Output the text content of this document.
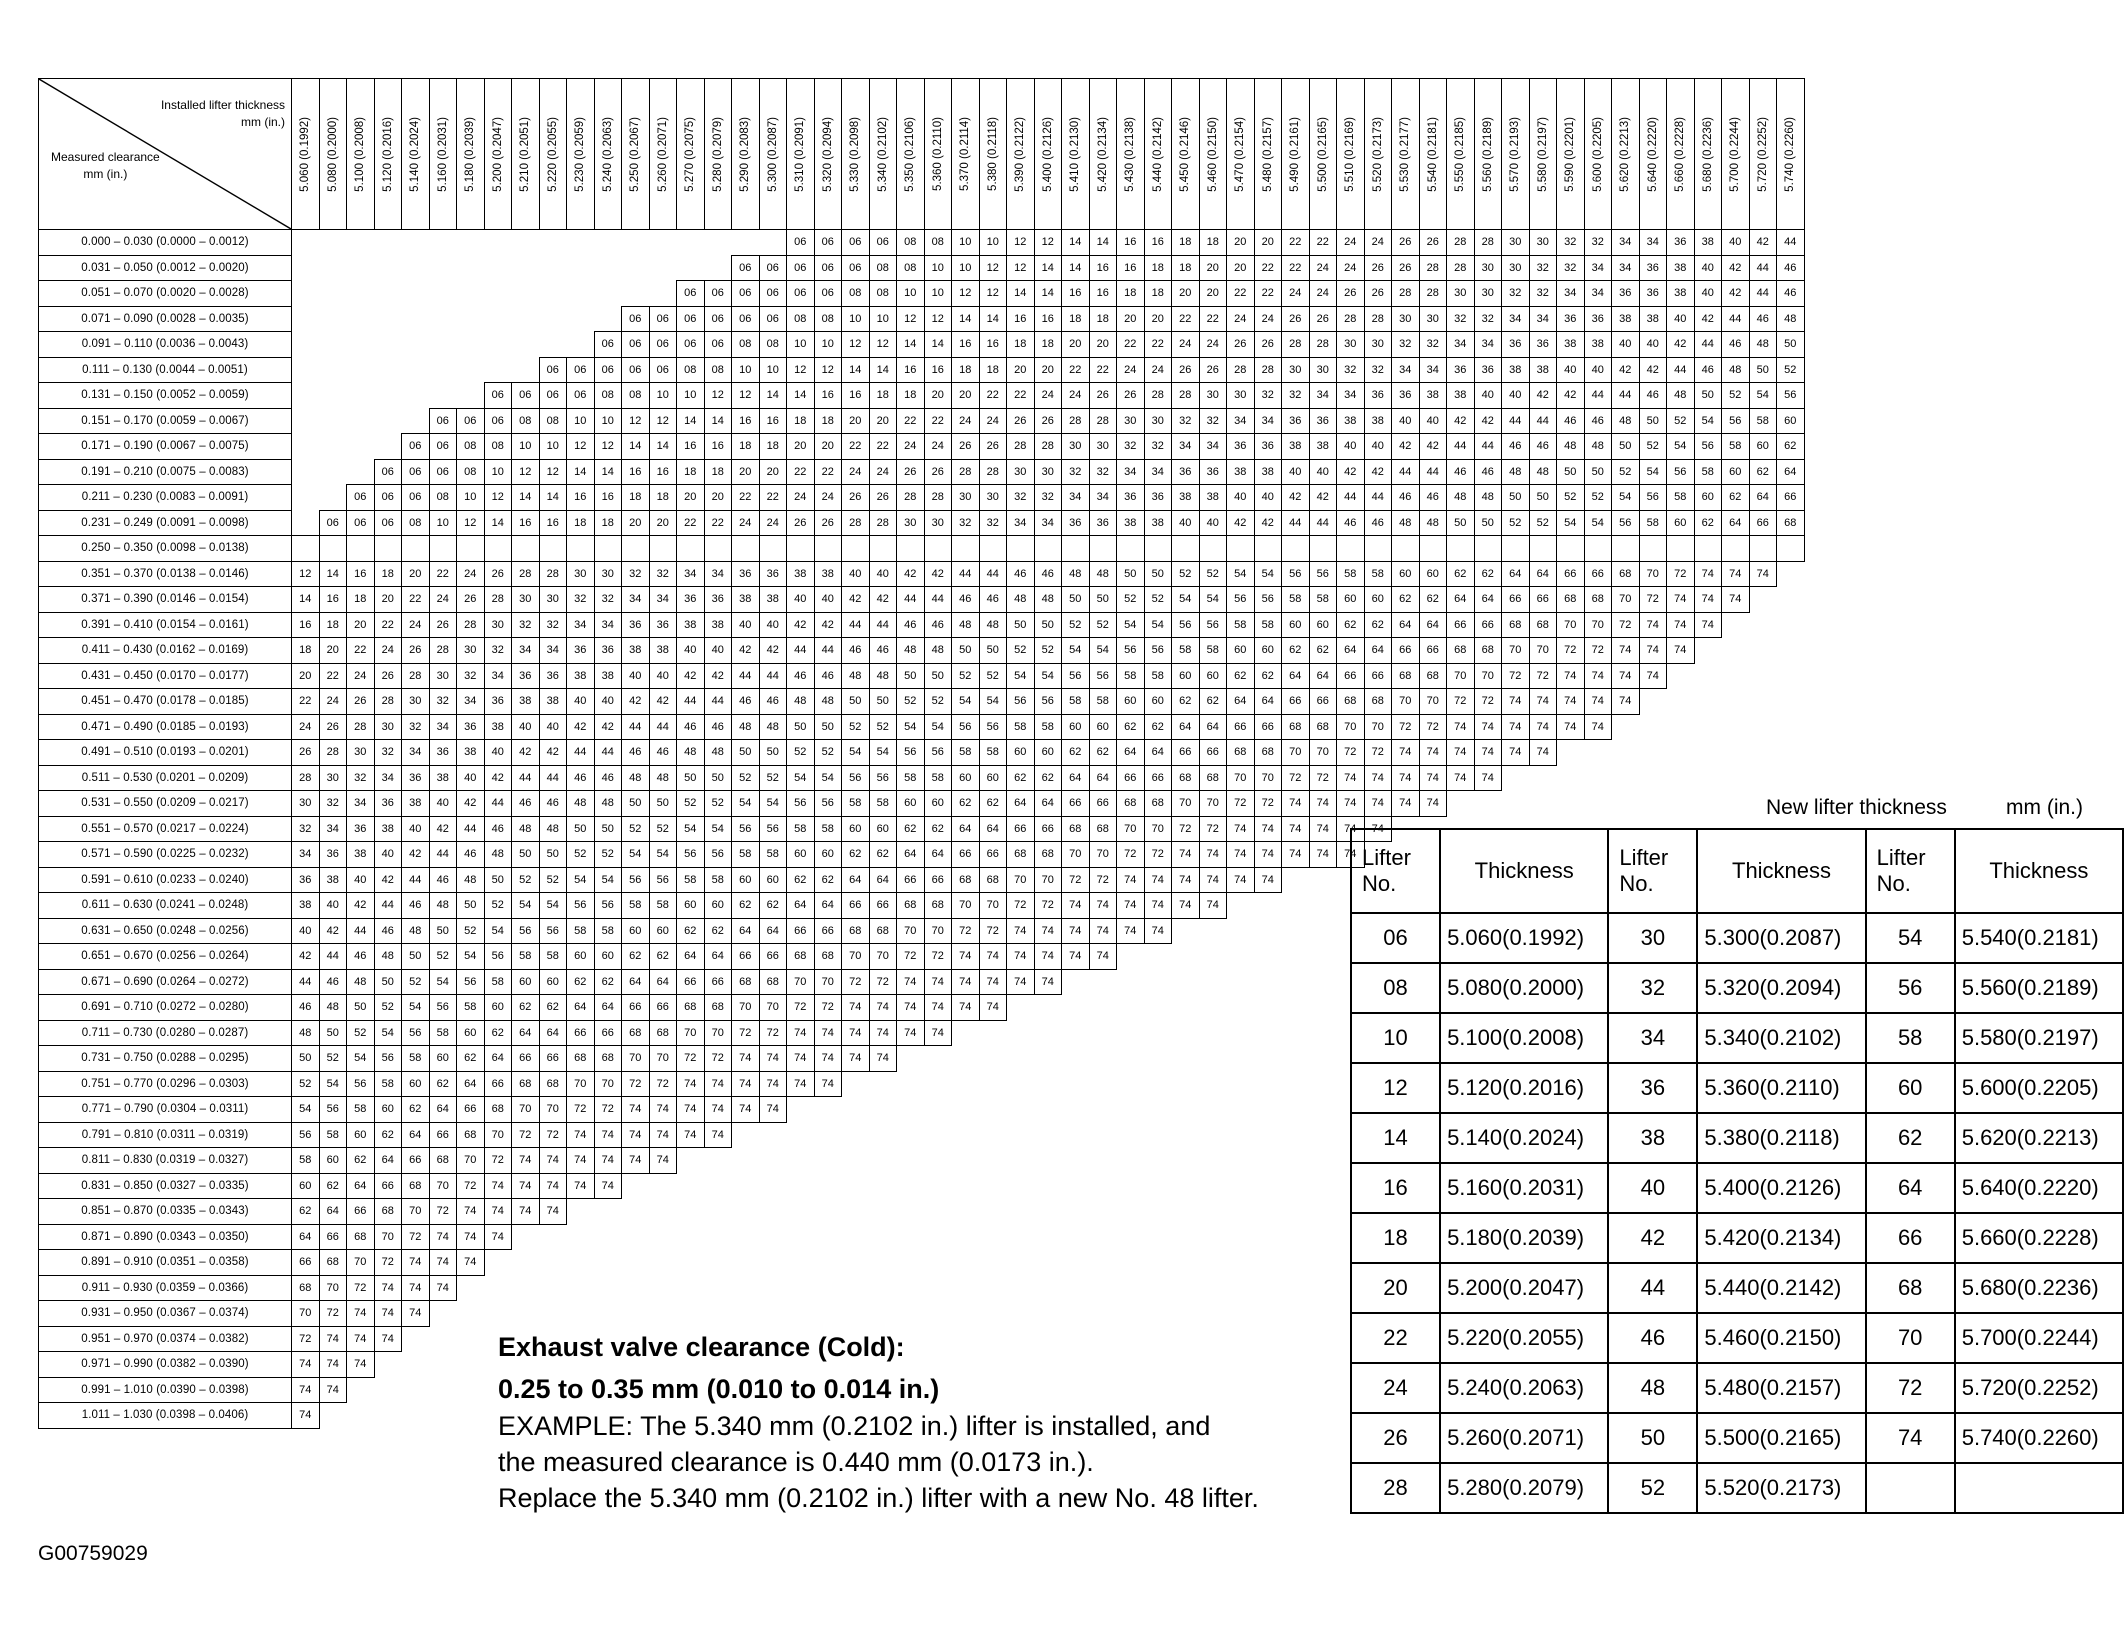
Installed lifter thickness
mm (in.)
Measured clearance
mm (in.)	5.060 (0.1992)	5.080 (0.2000)	5.100 (0.2008)	5.120 (0.2016)	5.140 (0.2024)	5.160 (0.2031)	5.180 (0.2039)	5.200 (0.2047)	5.210 (0.2051)	5.220 (0.2055)	5.230 (0.2059)	5.240 (0.2063)	5.250 (0.2067)	5.260 (0.2071)	5.270 (0.2075)	5.280 (0.2079)	5.290 (0.2083)	5.300 (0.2087)	5.310 (0.2091)	5.320 (0.2094)	5.330 (0.2098)	5.340 (0.2102)	5.350 (0.2106)	5.360 (0.2110)	5.370 (0.2114)	5.380 (0.2118)	5.390 (0.2122)	5.400 (0.2126)	5.410 (0.2130)	5.420 (0.2134)	5.430 (0.2138)	5.440 (0.2142)	5.450 (0.2146)	5.460 (0.2150)	5.470 (0.2154)	5.480 (0.2157)	5.490 (0.2161)	5.500 (0.2165)	5.510 (0.2169)	5.520 (0.2173)	5.530 (0.2177)	5.540 (0.2181)	5.550 (0.2185)	5.560 (0.2189)	5.570 (0.2193)	5.580 (0.2197)	5.590 (0.2201)	5.600 (0.2205)	5.620 (0.2213)	5.640 (0.2220)	5.660 (0.2228)	5.680 (0.2236)	5.700 (0.2244)	5.720 (0.2252)	5.740 (0.2260)

0.000 – 0.030 (0.0000 – 0.0012)																			06	06	06	06	08	08	10	10	12	12	14	14	16	16	18	18	20	20	22	22	24	24	26	26	28	28	30	30	32	32	34	34	36	38	40	42	44
0.031 – 0.050 (0.0012 – 0.0020)																	06	06	06	06	06	08	08	10	10	12	12	14	14	16	16	18	18	20	20	22	22	24	24	26	26	28	28	30	30	32	32	34	34	36	38	40	42	44	46
0.051 – 0.070 (0.0020 – 0.0028)															06	06	06	06	06	06	08	08	10	10	12	12	14	14	16	16	18	18	20	20	22	22	24	24	26	26	28	28	30	30	32	32	34	34	36	36	38	40	42	44	46
0.071 – 0.090 (0.0028 – 0.0035)													06	06	06	06	06	06	08	08	10	10	12	12	14	14	16	16	18	18	20	20	22	22	24	24	26	26	28	28	30	30	32	32	34	34	36	36	38	38	40	42	44	46	48
0.091 – 0.110 (0.0036 – 0.0043)												06	06	06	06	06	08	08	10	10	12	12	14	14	16	16	18	18	20	20	22	22	24	24	26	26	28	28	30	30	32	32	34	34	36	36	38	38	40	40	42	44	46	48	50
0.111 – 0.130 (0.0044 – 0.0051)										06	06	06	06	06	08	08	10	10	12	12	14	14	16	16	18	18	20	20	22	22	24	24	26	26	28	28	30	30	32	32	34	34	36	36	38	38	40	40	42	42	44	46	48	50	52
0.131 – 0.150 (0.0052 – 0.0059)								06	06	06	06	08	08	10	10	12	12	14	14	16	16	18	18	20	20	22	22	24	24	26	26	28	28	30	30	32	32	34	34	36	36	38	38	40	40	42	42	44	44	46	48	50	52	54	56
0.151 – 0.170 (0.0059 – 0.0067)						06	06	06	08	08	10	10	12	12	14	14	16	16	18	18	20	20	22	22	24	24	26	26	28	28	30	30	32	32	34	34	36	36	38	38	40	40	42	42	44	44	46	46	48	50	52	54	56	58	60
0.171 – 0.190 (0.0067 – 0.0075)					06	06	08	08	10	10	12	12	14	14	16	16	18	18	20	20	22	22	24	24	26	26	28	28	30	30	32	32	34	34	36	36	38	38	40	40	42	42	44	44	46	46	48	48	50	52	54	56	58	60	62
0.191 – 0.210 (0.0075 – 0.0083)				06	06	06	08	10	12	12	14	14	16	16	18	18	20	20	22	22	24	24	26	26	28	28	30	30	32	32	34	34	36	36	38	38	40	40	42	42	44	44	46	46	48	48	50	50	52	54	56	58	60	62	64
0.211 – 0.230 (0.0083 – 0.0091)			06	06	06	08	10	12	14	14	16	16	18	18	20	20	22	22	24	24	26	26	28	28	30	30	32	32	34	34	36	36	38	38	40	40	42	42	44	44	46	46	48	48	50	50	52	52	54	56	58	60	62	64	66
0.231 – 0.249 (0.0091 – 0.0098)		06	06	06	08	10	12	14	16	16	18	18	20	20	22	22	24	24	26	26	28	28	30	30	32	32	34	34	36	36	38	38	40	40	42	42	44	44	46	46	48	48	50	50	52	52	54	54	56	58	60	62	64	66	68
0.250 – 0.350 (0.0098 – 0.0138)																																																							
0.351 – 0.370 (0.0138 – 0.0146)	12	14	16	18	20	22	24	26	28	28	30	30	32	32	34	34	36	36	38	38	40	40	42	42	44	44	46	46	48	48	50	50	52	52	54	54	56	56	58	58	60	60	62	62	64	64	66	66	68	70	72	74	74	74	
0.371 – 0.390 (0.0146 – 0.0154)	14	16	18	20	22	24	26	28	30	30	32	32	34	34	36	36	38	38	40	40	42	42	44	44	46	46	48	48	50	50	52	52	54	54	56	56	58	58	60	60	62	62	64	64	66	66	68	68	70	72	74	74	74		
0.391 – 0.410 (0.0154 – 0.0161)	16	18	20	22	24	26	28	30	32	32	34	34	36	36	38	38	40	40	42	42	44	44	46	46	48	48	50	50	52	52	54	54	56	56	58	58	60	60	62	62	64	64	66	66	68	68	70	70	72	74	74	74			
0.411 – 0.430 (0.0162 – 0.0169)	18	20	22	24	26	28	30	32	34	34	36	36	38	38	40	40	42	42	44	44	46	46	48	48	50	50	52	52	54	54	56	56	58	58	60	60	62	62	64	64	66	66	68	68	70	70	72	72	74	74	74				
0.431 – 0.450 (0.0170 – 0.0177)	20	22	24	26	28	30	32	34	36	36	38	38	40	40	42	42	44	44	46	46	48	48	50	50	52	52	54	54	56	56	58	58	60	60	62	62	64	64	66	66	68	68	70	70	72	72	74	74	74	74					
0.451 – 0.470 (0.0178 – 0.0185)	22	24	26	28	30	32	34	36	38	38	40	40	42	42	44	44	46	46	48	48	50	50	52	52	54	54	56	56	58	58	60	60	62	62	64	64	66	66	68	68	70	70	72	72	74	74	74	74	74						
0.471 – 0.490 (0.0185 – 0.0193)	24	26	28	30	32	34	36	38	40	40	42	42	44	44	46	46	48	48	50	50	52	52	54	54	56	56	58	58	60	60	62	62	64	64	66	66	68	68	70	70	72	72	74	74	74	74	74	74							
0.491 – 0.510 (0.0193 – 0.0201)	26	28	30	32	34	36	38	40	42	42	44	44	46	46	48	48	50	50	52	52	54	54	56	56	58	58	60	60	62	62	64	64	66	66	68	68	70	70	72	72	74	74	74	74	74	74									
0.511 – 0.530 (0.0201 – 0.0209)	28	30	32	34	36	38	40	42	44	44	46	46	48	48	50	50	52	52	54	54	56	56	58	58	60	60	62	62	64	64	66	66	68	68	70	70	72	72	74	74	74	74	74	74											
0.531 – 0.550 (0.0209 – 0.0217)	30	32	34	36	38	40	42	44	46	46	48	48	50	50	52	52	54	54	56	56	58	58	60	60	62	62	64	64	66	66	68	68	70	70	72	72	74	74	74	74	74	74													
0.551 – 0.570 (0.0217 – 0.0224)	32	34	36	38	40	42	44	46	48	48	50	50	52	52	54	54	56	56	58	58	60	60	62	62	64	64	66	66	68	68	70	70	72	72	74	74	74	74	74	74															
0.571 – 0.590 (0.0225 – 0.0232)	34	36	38	40	42	44	46	48	50	50	52	52	54	54	56	56	58	58	60	60	62	62	64	64	66	66	68	68	70	70	72	72	74	74	74	74	74	74	74																
0.591 – 0.610 (0.0233 – 0.0240)	36	38	40	42	44	46	48	50	52	52	54	54	56	56	58	58	60	60	62	62	64	64	66	66	68	68	70	70	72	72	74	74	74	74	74	74																			
0.611 – 0.630 (0.0241 – 0.0248)	38	40	42	44	46	48	50	52	54	54	56	56	58	58	60	60	62	62	64	64	66	66	68	68	70	70	72	72	74	74	74	74	74	74																					
0.631 – 0.650 (0.0248 – 0.0256)	40	42	44	46	48	50	52	54	56	56	58	58	60	60	62	62	64	64	66	66	68	68	70	70	72	72	74	74	74	74	74	74																							
0.651 – 0.670 (0.0256 – 0.0264)	42	44	46	48	50	52	54	56	58	58	60	60	62	62	64	64	66	66	68	68	70	70	72	72	74	74	74	74	74	74																									
0.671 – 0.690 (0.0264 – 0.0272)	44	46	48	50	52	54	56	58	60	60	62	62	64	64	66	66	68	68	70	70	72	72	74	74	74	74	74	74																											
0.691 – 0.710 (0.0272 – 0.0280)	46	48	50	52	54	56	58	60	62	62	64	64	66	66	68	68	70	70	72	72	74	74	74	74	74	74																													
0.711 – 0.730 (0.0280 – 0.0287)	48	50	52	54	56	58	60	62	64	64	66	66	68	68	70	70	72	72	74	74	74	74	74	74																															
0.731 – 0.750 (0.0288 – 0.0295)	50	52	54	56	58	60	62	64	66	66	68	68	70	70	72	72	74	74	74	74	74	74																																	
0.751 – 0.770 (0.0296 – 0.0303)	52	54	56	58	60	62	64	66	68	68	70	70	72	72	74	74	74	74	74	74																																			
0.771 – 0.790 (0.0304 – 0.0311)	54	56	58	60	62	64	66	68	70	70	72	72	74	74	74	74	74	74																																					
0.791 – 0.810 (0.0311 – 0.0319)	56	58	60	62	64	66	68	70	72	72	74	74	74	74	74	74																																							
0.811 – 0.830 (0.0319 – 0.0327)	58	60	62	64	66	68	70	72	74	74	74	74	74	74																																									
0.831 – 0.850 (0.0327 – 0.0335)	60	62	64	66	68	70	72	74	74	74	74	74																																											
0.851 – 0.870 (0.0335 – 0.0343)	62	64	66	68	70	72	74	74	74	74																																													
0.871 – 0.890 (0.0343 – 0.0350)	64	66	68	70	72	74	74	74																																															
0.891 – 0.910 (0.0351 – 0.0358)	66	68	70	72	74	74	74																																																
0.911 – 0.930 (0.0359 – 0.0366)	68	70	72	74	74	74																																																	
0.931 – 0.950 (0.0367 – 0.0374)	70	72	74	74	74																																																		
0.951 – 0.970 (0.0374 – 0.0382)	72	74	74	74																																																			
0.971 – 0.990 (0.0382 – 0.0390)	74	74	74																																																				
0.991 – 1.010 (0.0390 – 0.0398)	74	74																																																					
1.011 – 1.030 (0.0398 – 0.0406)	74																																																						

Exhaust valve clearance (Cold):

0.25 to 0.35 mm (0.010 to 0.014 in.)

EXAMPLE: The 5.340 mm (0.2102 in.) lifter is installed, and

the measured clearance is 0.440 mm (0.0173 in.).

Replace the 5.340 mm (0.2102 in.) lifter with a new No. 48 lifter.

New lifter thickness	mm (in.)
Lifter No.	Thickness	Lifter No.	Thickness	Lifter No.	Thickness
06	5.060(0.1992)	30	5.300(0.2087)	54	5.540(0.2181)
08	5.080(0.2000)	32	5.320(0.2094)	56	5.560(0.2189)
10	5.100(0.2008)	34	5.340(0.2102)	58	5.580(0.2197)
12	5.120(0.2016)	36	5.360(0.2110)	60	5.600(0.2205)
14	5.140(0.2024)	38	5.380(0.2118)	62	5.620(0.2213)
16	5.160(0.2031)	40	5.400(0.2126)	64	5.640(0.2220)
18	5.180(0.2039)	42	5.420(0.2134)	66	5.660(0.2228)
20	5.200(0.2047)	44	5.440(0.2142)	68	5.680(0.2236)
22	5.220(0.2055)	46	5.460(0.2150)	70	5.700(0.2244)
24	5.240(0.2063)	48	5.480(0.2157)	72	5.720(0.2252)
26	5.260(0.2071)	50	5.500(0.2165)	74	5.740(0.2260)
28	5.280(0.2079)	52	5.520(0.2173)		
G00759029
